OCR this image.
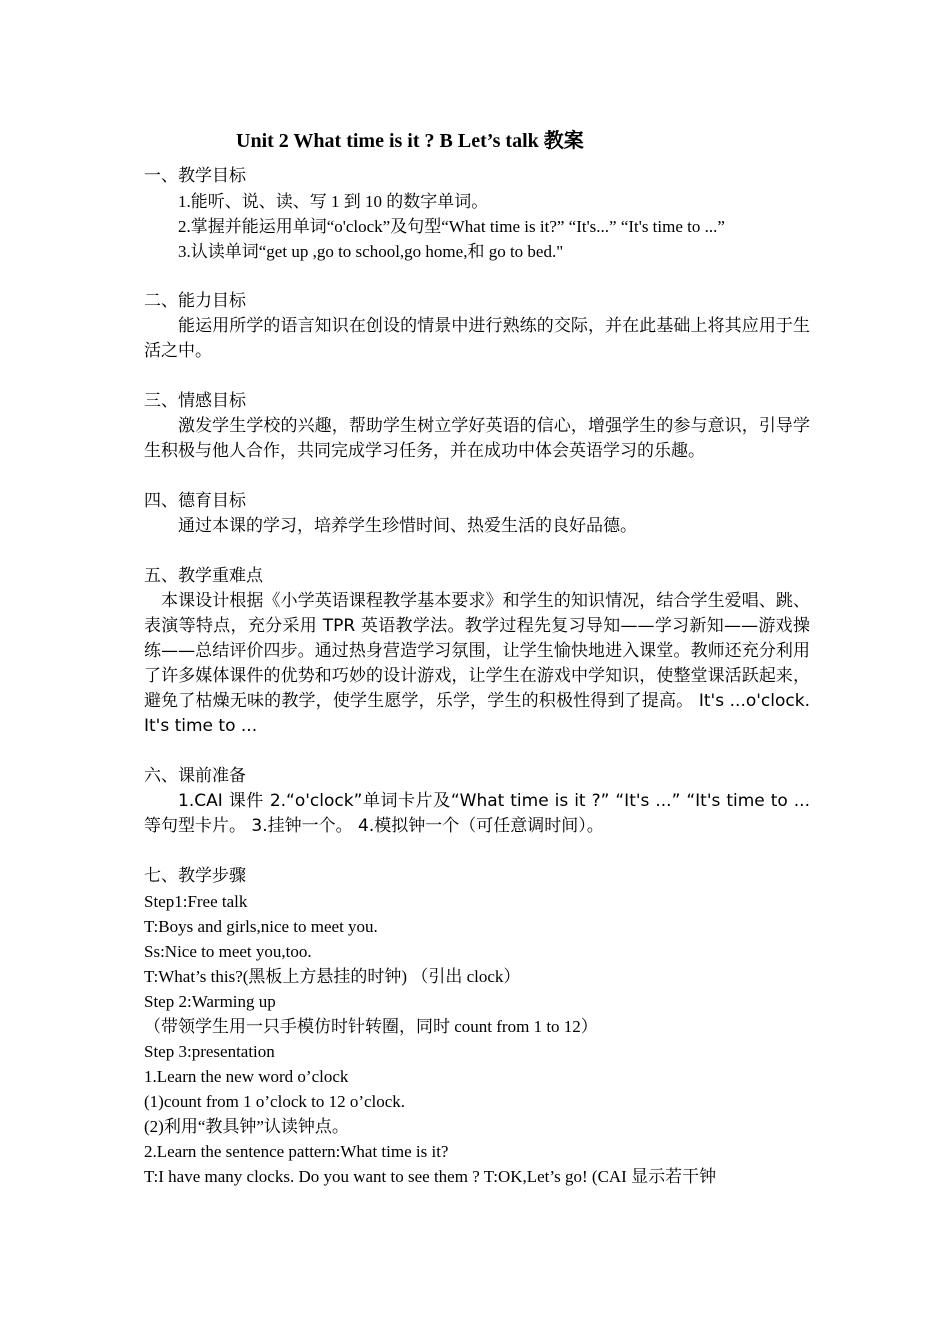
Unit 2 What time is it ? B Let’s talk 教案
一、教学目标
1.能听、说、读、写 1 到 10 的数字单词。
2.掌握并能运用单词“o'clock”及句型“What time is it?” “It's...” “It's time to ...”
3.认读单词“get up ,go to school,go home,和 go to bed."
二、能力目标
能运用所学的语言知识在创设的情景中进行熟练的交际，并在此基础上将其应用于生活之中。
三、情感目标
激发学生学校的兴趣，帮助学生树立学好英语的信心，增强学生的参与意识，引导学生积极与他人合作，共同完成学习任务，并在成功中体会英语学习的乐趣。
四、德育目标
通过本课的学习，培养学生珍惜时间、热爱生活的良好品德。
五、教学重难点
本课设计根据《小学英语课程教学基本要求》和学生的知识情况，结合学生爱唱、跳、表演等特点，充分采用 TPR 英语教学法。教学过程先复习导知——学习新知——游戏操练——总结评价四步。通过热身营造学习氛围，让学生愉快地进入课堂。教师还充分利用了许多媒体课件的优势和巧妙的设计游戏，让学生在游戏中学知识，使整堂课活跃起来，避免了枯燥无味的教学，使学生愿学，乐学，学生的积极性得到了提高。 It's ...o'clock. It's time to ...
六、课前准备
1.CAI 课件 2.“o'clock”单词卡片及“What time is it ?” “It's ...” “It's time to ...等句型卡片。 3.挂钟一个。 4.模拟钟一个（可任意调时间）。
七、教学步骤
Step1:Free talk
T:Boys and girls,nice to meet you.
Ss:Nice to meet you,too.
T:What’s this?(黑板上方悬挂的时钟) （引出 clock）
Step 2:Warming up
（带领学生用一只手模仿时针转圈，同时 count from 1 to 12）
Step 3:presentation
1.Learn the new word o’clock
(1)count from 1 o’clock to 12 o’clock.
(2)利用“教具钟”认读钟点。
2.Learn the sentence pattern:What time is it?
T:I have many clocks. Do you want to see them ? T:OK,Let’s go! (CAI 显示若干钟
